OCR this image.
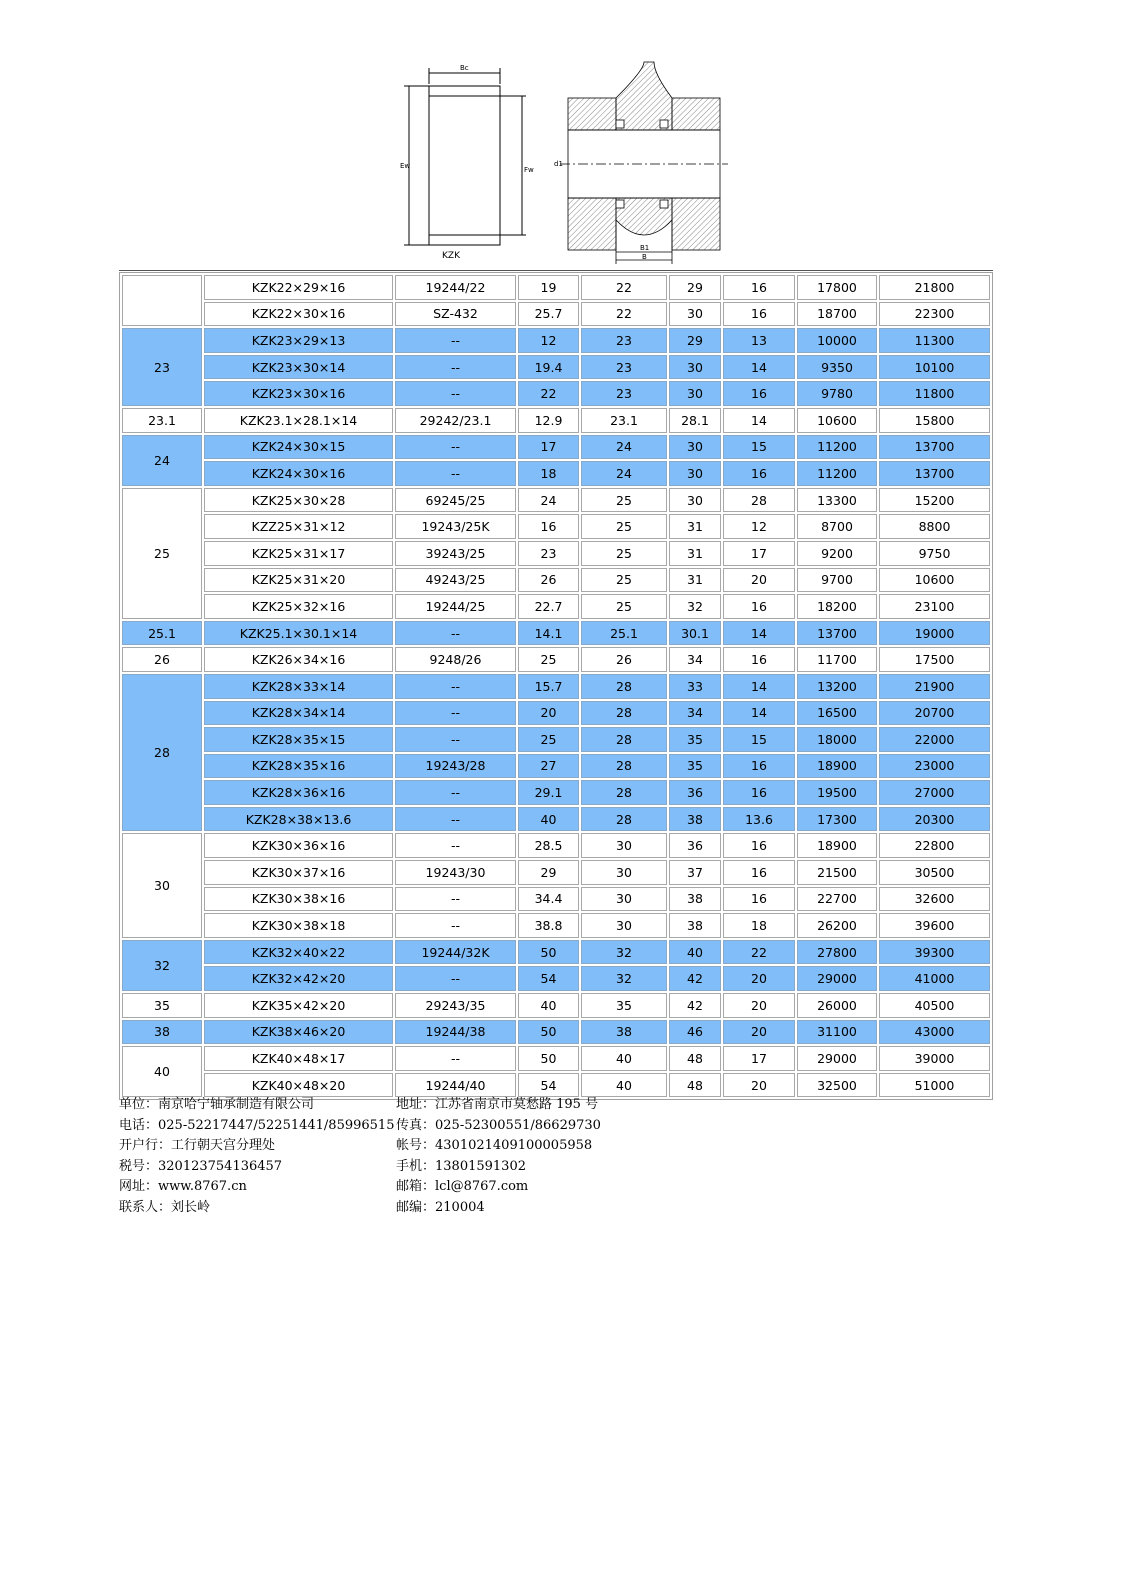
Bc
Ew	Fw
KZK
d1
B1
B
	KZK22×29×16	19244/22	19	22	29	16	17800	21800
	KZK22×30×16	SZ-432	25.7	22	30	16	18700	22300
23	KZK23×29×13	--	12	23	29	13	10000	11300
	KZK23×30×14	--	19.4	23	30	14	9350	10100
	KZK23×30×16	--	22	23	30	16	9780	11800
23.1	KZK23.1×28.1×14	29242/23.1	12.9	23.1	28.1	14	10600	15800
24	KZK24×30×15	--	17	24	30	15	11200	13700
	KZK24×30×16	--	18	24	30	16	11200	13700
25	KZK25×30×28	69245/25	24	25	30	28	13300	15200
	KZZ25×31×12	19243/25K	16	25	31	12	8700	8800
	KZK25×31×17	39243/25	23	25	31	17	9200	9750
	KZK25×31×20	49243/25	26	25	31	20	9700	10600
	KZK25×32×16	19244/25	22.7	25	32	16	18200	23100
25.1	KZK25.1×30.1×14	--	14.1	25.1	30.1	14	13700	19000
26	KZK26×34×16	9248/26	25	26	34	16	11700	17500
28	KZK28×33×14	--	15.7	28	33	14	13200	21900
	KZK28×34×14	--	20	28	34	14	16500	20700
	KZK28×35×15	--	25	28	35	15	18000	22000
	KZK28×35×16	19243/28	27	28	35	16	18900	23000
	KZK28×36×16	--	29.1	28	36	16	19500	27000
	KZK28×38×13.6	--	40	28	38	13.6	17300	20300
30	KZK30×36×16	--	28.5	30	36	16	18900	22800
	KZK30×37×16	19243/30	29	30	37	16	21500	30500
	KZK30×38×16	--	34.4	30	38	16	22700	32600
	KZK30×38×18	--	38.8	30	38	18	26200	39600
32	KZK32×40×22	19244/32K	50	32	40	22	27800	39300
	KZK32×42×20	--	54	32	42	20	29000	41000
35	KZK35×42×20	29243/35	40	35	42	20	26000	40500
38	KZK38×46×20	19244/38	50	38	46	20	31100	43000
40	KZK40×48×17	--	50	40	48	17	29000	39000
	KZK40×48×20	19244/40	54	40	48	20	32500	51000
单位：南京哈宁轴承制造有限公司	地址：江苏省南京市莫愁路 195 号
电话：025-52217447/52251441/85996515 传真：025-52300551/86629730
开户行：工行朝天宫分理处	帐号：4301021409100005958
税号：320123754136457	手机：13801591302
网址：www.8767.cn	邮箱：lcl@8767.com
联系人：刘长岭	邮编：210004
